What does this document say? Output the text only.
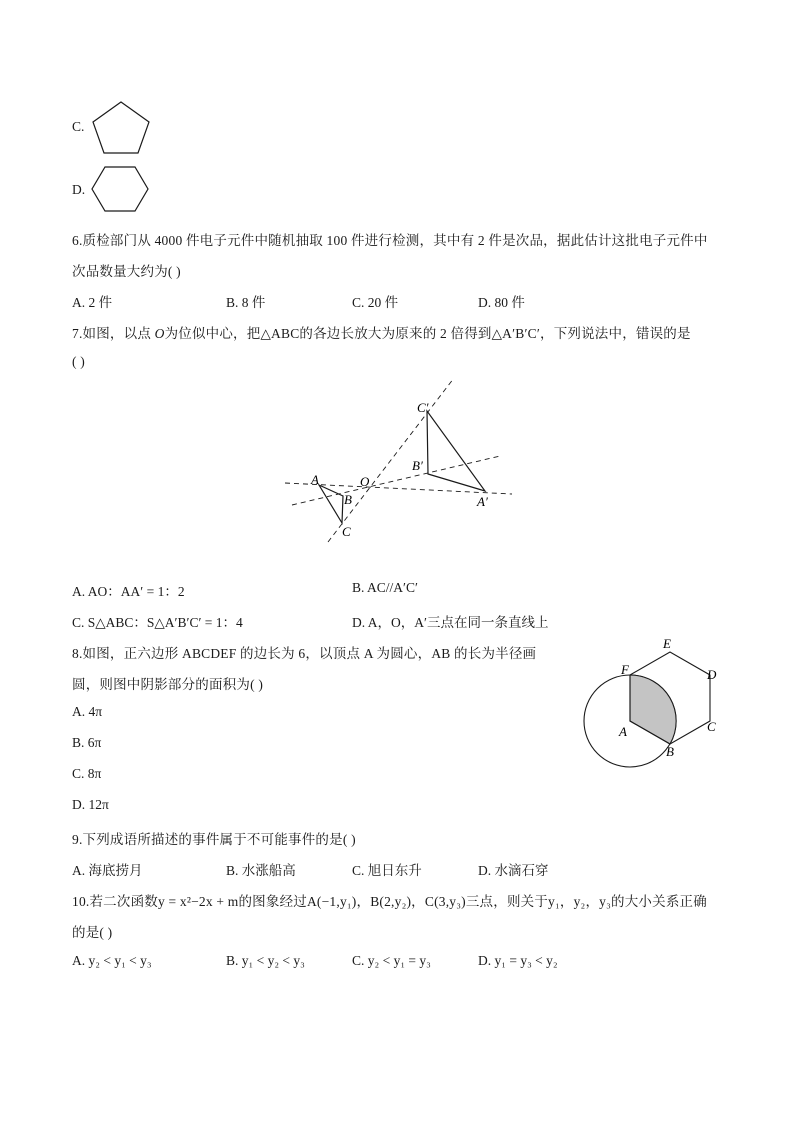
C.
D.
6.质检部门从 4000 件电子元件中随机抽取 100 件进行检测，其中有 2 件是次品，据此估计这批电子元件中
次品数量大约为( )
A. 2 件	B. 8 件	C. 20 件	D. 80 件
7.如图，以点 O为位似中心，把△ABC的各边长放大为原来的 2 倍得到△A′B′C′，下列说法中，错误的是
( )
A
B
C
O
A′
B′
C′
A. AO：AA′ = 1：2	B. AC//A′C′
C. S△ABC：S△A′B′C′ = 1：4	D. A，O，A′三点在同一条直线上
8.如图，正六边形 ABCDEF 的边长为 6，以顶点 A 为圆心，AB 的长为半径画
圆，则图中阴影部分的面积为( )
A. 4π
B. 6π
C. 8π
D. 12π
F
E
D
C
B
A
9.下列成语所描述的事件属于不可能事件的是( )
A. 海底捞月	B. 水涨船高	C. 旭日东升	D. 水滴石穿
10.若二次函数y = x²−2x + m的图象经过A(−1,y₁)，B(2,y₂)，C(3,y₃)三点，则关于y₁，y₂，y₃的大小关系正确
的是( )
A. y₂ < y₁ < y₃	B. y₁ < y₂ < y₃	C. y₂ < y₁ = y₃	D. y₁ = y₃ < y₂
